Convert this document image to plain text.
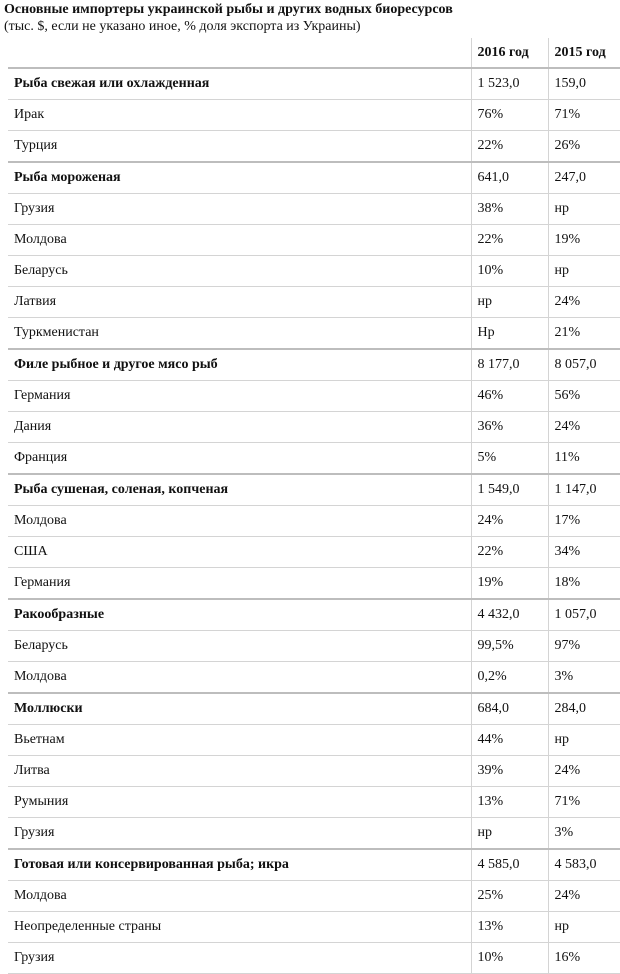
Основные импортеры украинской рыбы и других водных биоресурсов
(тыс. $, если не указано иное, % доля экспорта из Украины)
	2016 год	2015 год
Рыба свежая или охлажденная	1 523,0	159,0
Ирак	76%	71%
Турция	22%	26%
Рыба мороженая	641,0	247,0
Грузия	38%	нр
Молдова	22%	19%
Беларусь	10%	нр
Латвия	нр	24%
Туркменистан	Нр	21%
Филе рыбное и другое мясо рыб	8 177,0	8 057,0
Германия	46%	56%
Дания	36%	24%
Франция	5%	11%
Рыба сушеная, соленая, копченая	1 549,0	1 147,0
Молдова	24%	17%
США	22%	34%
Германия	19%	18%
Ракообразные	4 432,0	1 057,0
Беларусь	99,5%	97%
Молдова	0,2%	3%
Моллюски	684,0	284,0
Вьетнам	44%	нр
Литва	39%	24%
Румыния	13%	71%
Грузия	нр	3%
Готовая или консервированная рыба; икра	4 585,0	4 583,0
Молдова	25%	24%
Неопределенные страны	13%	нр
Грузия	10%	16%
